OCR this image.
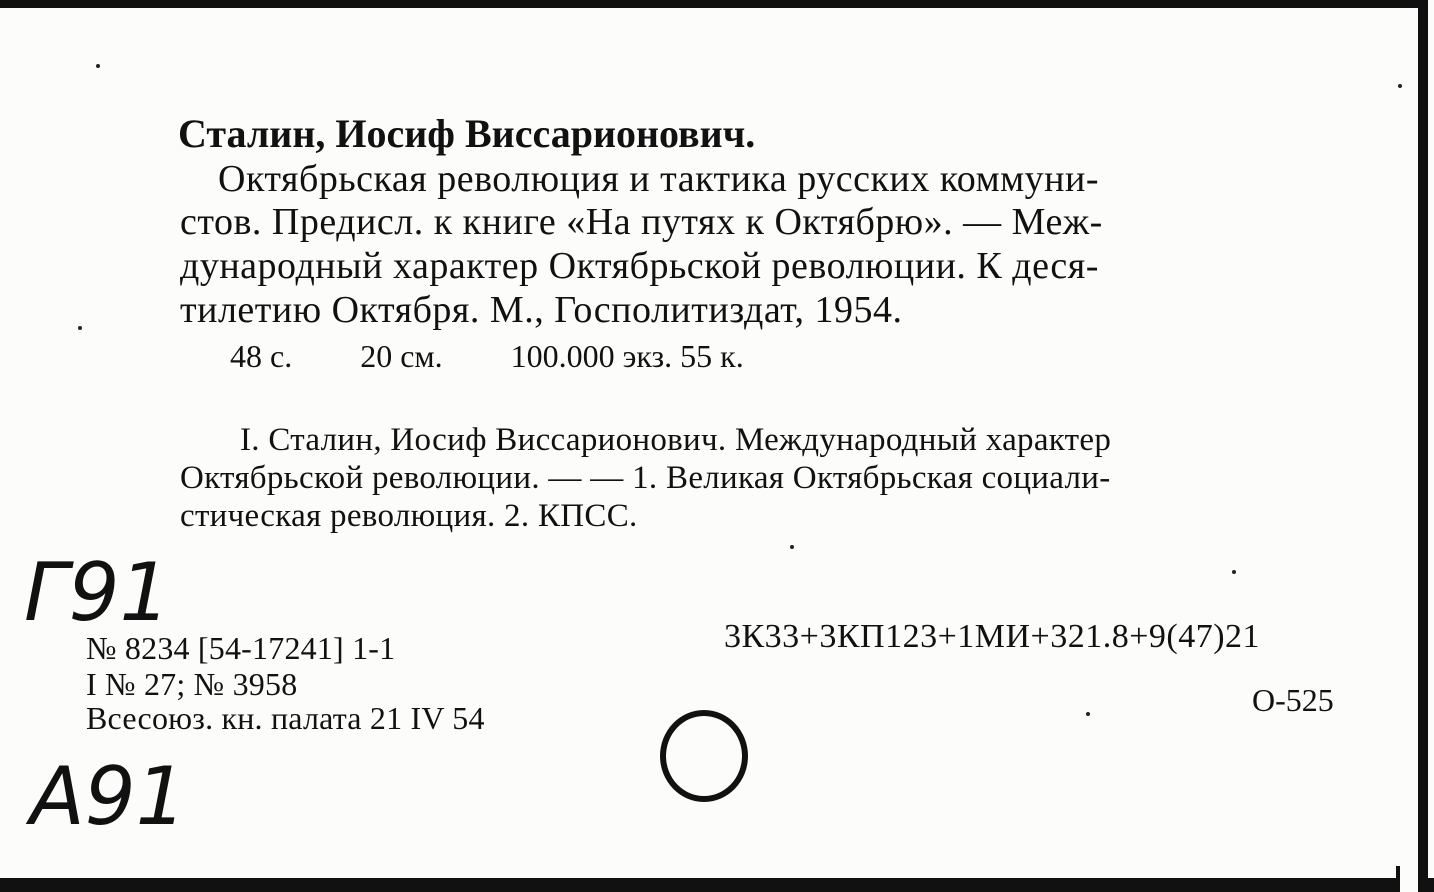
Сталин, Иосиф Виссарионович.
Октябрьская революция и тактика русских коммуни-
стов. Предисл. к книге «На путях к Октябрю». — Меж-
дународный характер Октябрьской революции. К деся-
тилетию Октября. М., Госполитиздат, 1954.
48 с. 20 см. 100.000 экз. 55 к.
I. Сталин, Иосиф Виссарионович. Международный характер
Октябрьской революции. — — 1. Великая Октябрьская социали-
стическая революция. 2. КПСС.
№ 8234 [54-17241] 1-1
I № 27; № 3958
Всесоюз. кн. палата 21 IV 54
3К33+3КП123+1МИ+321.8+9(47)21
О-525
Г91
А91
